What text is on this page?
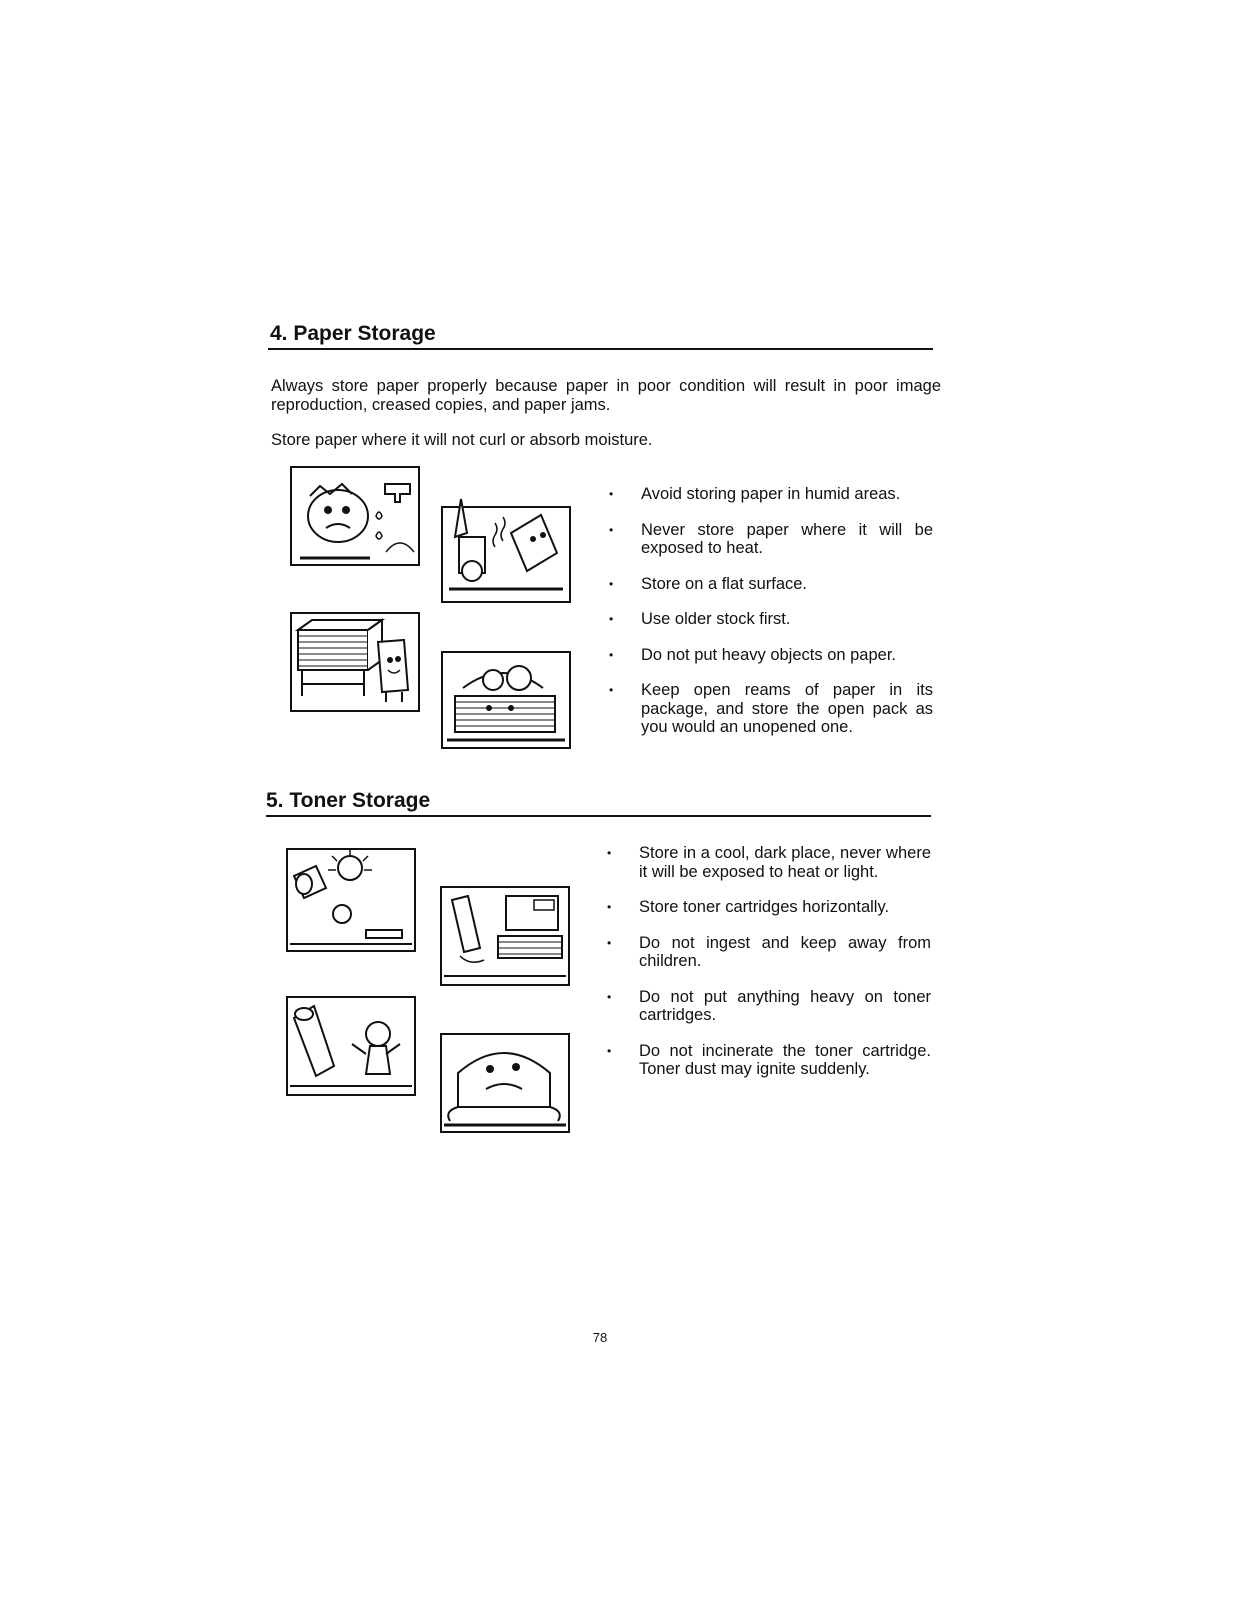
4. Paper Storage

Always store paper properly because paper in poor condition will result in poor image reproduction, creased copies, and paper jams.

Store paper where it will not curl or absorb moisture.

• Avoid storing paper in humid areas.
• Never store paper where it will be exposed to heat.
• Store on a flat surface.
• Use older stock first.
• Do not put heavy objects on paper.
• Keep open reams of paper in its package, and store the open pack as you would an unopened one.
5. Toner Storage
• Store in a cool, dark place, never where it will be exposed to heat or light.
• Store toner cartridges horizontally.
• Do not ingest and keep away from children.
• Do not put anything heavy on toner cartridges.
• Do not incinerate the toner cartridge. Toner dust may ignite suddenly.
78
